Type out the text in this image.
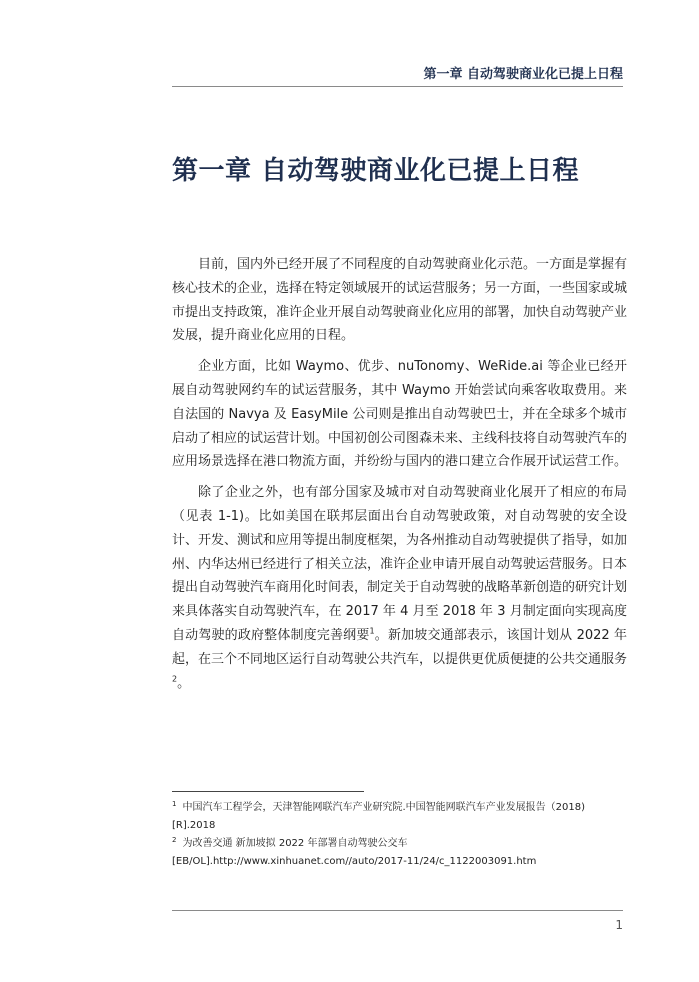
第一章 自动驾驶商业化已提上日程
第一章 自动驾驶商业化已提上日程

目前，国内外已经开展了不同程度的自动驾驶商业化示范。一方面是掌握有核心技术的企业，选择在特定领域展开的试运营服务；另一方面，一些国家或城市提出支持政策，准许企业开展自动驾驶商业化应用的部署，加快自动驾驶产业发展，提升商业化应用的日程。

企业方面，比如 Waymo、优步、nuTonomy、WeRide.ai 等企业已经开展自动驾驶网约车的试运营服务，其中 Waymo 开始尝试向乘客收取费用。来自法国的 Navya 及 EasyMile 公司则是推出自动驾驶巴士，并在全球多个城市启动了相应的试运营计划。中国初创公司图森未来、主线科技将自动驾驶汽车的应用场景选择在港口物流方面，并纷纷与国内的港口建立合作展开试运营工作。

除了企业之外，也有部分国家及城市对自动驾驶商业化展开了相应的布局（见表 1-1)。比如美国在联邦层面出台自动驾驶政策，对自动驾驶的安全设计、开发、测试和应用等提出制度框架，为各州推动自动驾驶提供了指导，如加州、内华达州已经进行了相关立法，准许企业申请开展自动驾驶运营服务。日本提出自动驾驶汽车商用化时间表，制定关于自动驾驶的战略革新创造的研究计划来具体落实自动驾驶汽车，在 2017 年 4 月至 2018 年 3 月制定面向实现高度自动驾驶的政府整体制度完善纲要$^1$。新加坡交通部表示，该国计划从 2022 年起，在三个不同地区运行自动驾驶公共汽车，以提供更优质便捷的公共交通服务$^2$。

$^1$ 中国汽车工程学会，天津智能网联汽车产业研究院.中国智能网联汽车产业发展报告（2018)
[R].2018
$^2$ 为改善交通 新加坡拟 2022 年部署自动驾驶公交车
[EB/OL].http://www.xinhuanet.com//auto/2017-11/24/c_1122003091.htm
1
